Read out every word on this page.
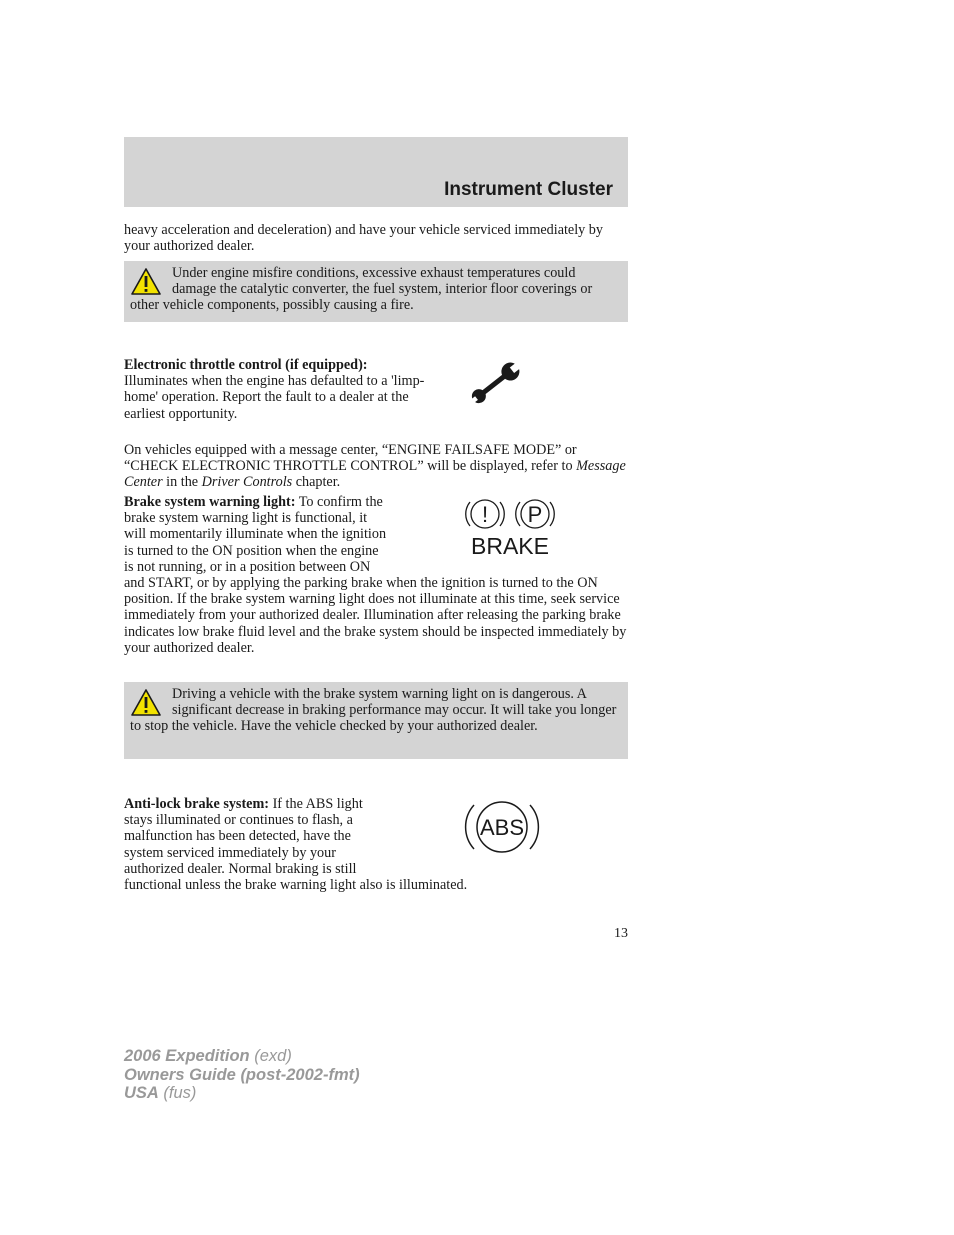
Instrument Cluster
heavy acceleration and deceleration) and have your vehicle serviced immediately by your authorized dealer.
Under engine misfire conditions, excessive exhaust temperatures could damage the catalytic converter, the fuel system, interior floor coverings or other vehicle components, possibly causing a fire.
Electronic throttle control (if equipped): Illuminates when the engine has defaulted to a 'limp-home' operation. Report the fault to a dealer at the earliest opportunity.
On vehicles equipped with a message center, “ENGINE FAILSAFE MODE” or “CHECK ELECTRONIC THROTTLE CONTROL” will be displayed, refer to Message Center in the Driver Controls chapter.
Brake system warning light: To confirm the brake system warning light is functional, it will momentarily illuminate when the ignition is turned to the ON position when the engine is not running, or in a position between ON and START, or by applying the parking brake when the ignition is turned to the ON position. If the brake system warning light does not illuminate at this time, seek service immediately from your authorized dealer. Illumination after releasing the parking brake indicates low brake fluid level and the brake system should be inspected immediately by your authorized dealer.
! P
BRAKE
Driving a vehicle with the brake system warning light on is dangerous. A significant decrease in braking performance may occur. It will take you longer to stop the vehicle. Have the vehicle checked by your authorized dealer.
Anti-lock brake system: If the ABS light stays illuminated or continues to flash, a malfunction has been detected, have the system serviced immediately by your authorized dealer. Normal braking is still functional unless the brake warning light also is illuminated.
ABS
13
2006 Expedition (exd)
Owners Guide (post-2002-fmt)
USA (fus)
